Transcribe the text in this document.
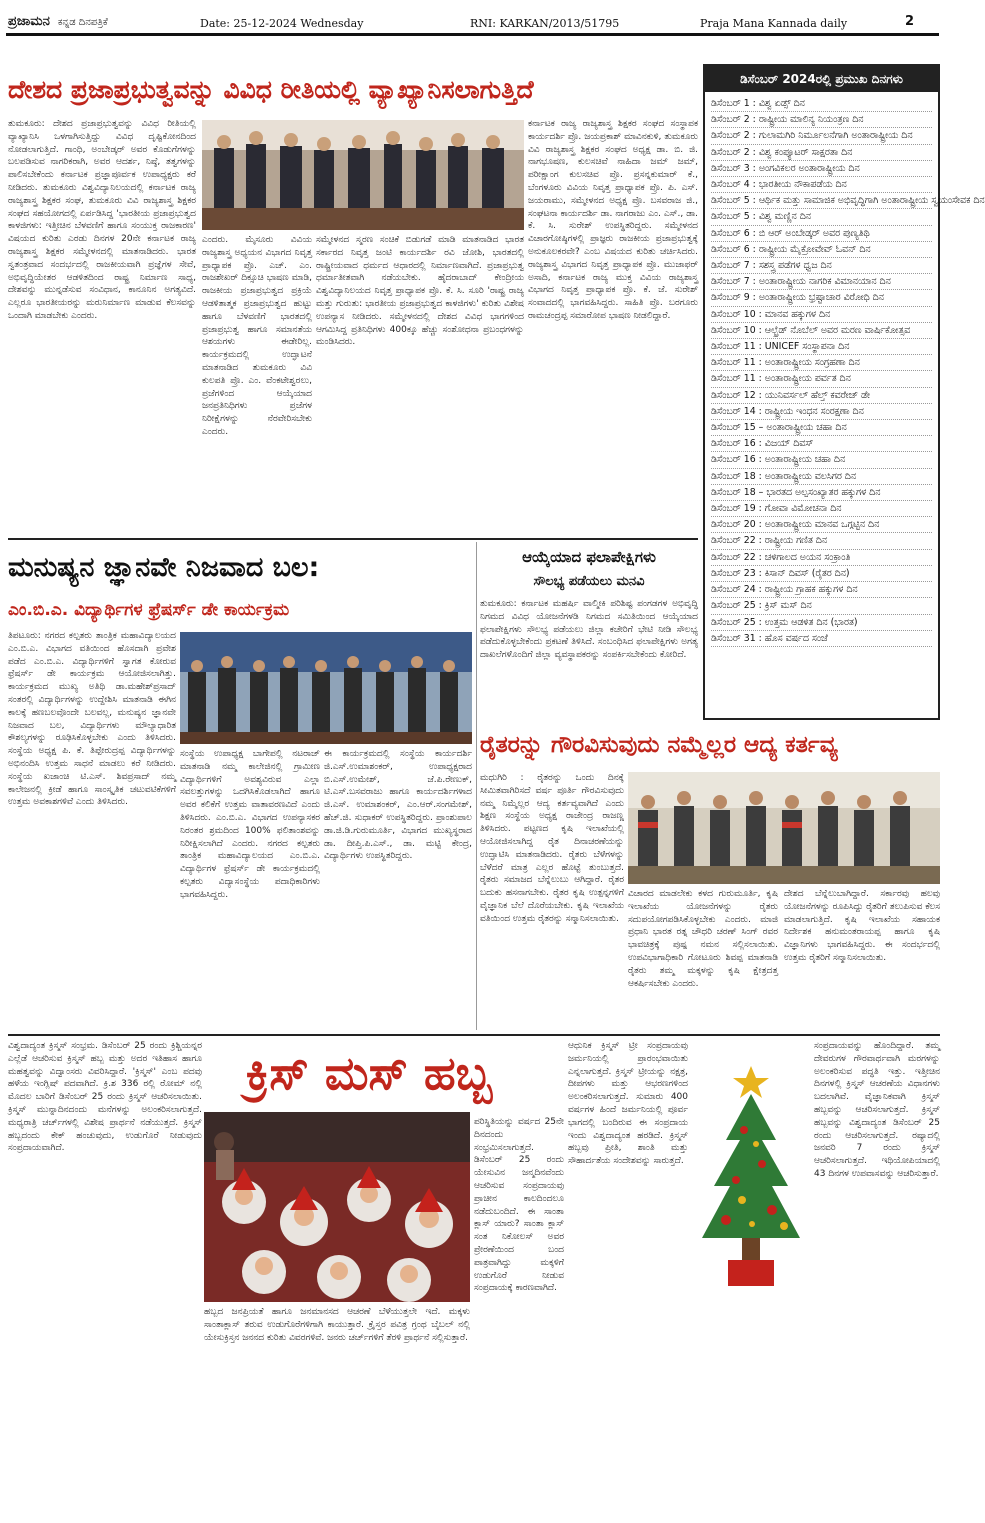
ಪ್ರಜಾಮನ ಕನ್ನಡ ದಿನಪತ್ರಿಕೆ	Date: 25-12-2024 Wednesday	RNI: KARKAN/2013/51795	Praja Mana Kannada daily	2
ದೇಶದ ಪ್ರಜಾಪ್ರಭುತ್ವವನ್ನು ವಿವಿಧ ರೀತಿಯಲ್ಲಿ ವ್ಯಾಖ್ಯಾನಿಸಲಾಗುತ್ತಿದೆ
ತುಮಕೂರು: ದೇಶದ ಪ್ರಜಾಪ್ರಭುತ್ವವನ್ನು ವಿವಿಧ ರೀತಿಯಲ್ಲಿ ವ್ಯಾಖ್ಯಾನಿಸಿ ಒಳಗಾಗಿಸುತ್ತಿದ್ದು ವಿವಿಧ ದೃಷ್ಟಿಕೋನದಿಂದ ನೋಡಲಾಗುತ್ತಿದೆ. ಗಾಂಧಿ, ಅಂಬೇಡ್ಕರ್ ಅವರ ಕೊಡುಗೆಗಳನ್ನು ಬಲಪಡಿಸುವ ನಾಗರಿಕರಾಗಿ, ಅವರ ಆದರ್ಶ, ನಿಷ್ಠೆ, ತತ್ವಗಳನ್ನು ಪಾಲಿಸಬೇಕೆಂದು ಕರ್ನಾಟಕ ಪ್ರಜ್ಞಾಪೂರ್ವಕ ಉಪಾಧ್ಯಕ್ಷರು ಕರೆ ನೀಡಿದರು. ತುಮಕೂರು ವಿಶ್ವವಿದ್ಯಾನಿಲಯದಲ್ಲಿ ಕರ್ನಾಟಕ ರಾಜ್ಯ ರಾಜ್ಯಶಾಸ್ತ್ರ ಶಿಕ್ಷಕರ ಸಂಘ, ತುಮಕೂರು ವಿವಿ ರಾಜ್ಯಶಾಸ್ತ್ರ ಶಿಕ್ಷಕರ ಸಂಘದ ಸಹಯೋಗದಲ್ಲಿ ಏರ್ಪಡಿಸಿದ್ದ 'ಭಾರತೀಯ ಪ್ರಜಾಪ್ರಭುತ್ವದ ಕಾಳಜಿಗಳು: ಇತ್ತೀಚಿನ ಬೆಳವಣಿಗೆ ಹಾಗೂ ಸಂಯುಕ್ತ ರಾಜಕಾರಣ' ವಿಷಯದ ಕುರಿತು ಎರಡು ದಿನಗಳ 20ನೇ ಕರ್ನಾಟಕ ರಾಜ್ಯ ರಾಜ್ಯಶಾಸ್ತ್ರ ಶಿಕ್ಷಕರ ಸಮ್ಮೇಳನದಲ್ಲಿ ಮಾತನಾಡಿದರು. ಭಾರತ ಸ್ವತಂತ್ರವಾದ ಸಂದರ್ಭದಲ್ಲಿ ರಾಜಕೀಯವಾಗಿ ಪ್ರಜ್ಞೆಗಳ ಸೇವೆ, ಅಭಿವೃದ್ಧಿಯೇತರ ಆಡಳಿತದಿಂದ ರಾಷ್ಟ್ರ ನಿರ್ಮಾಣ ಸಾಧ್ಯ, ದೇಶವನ್ನು ಮುನ್ನಡೆಸುವ ಸಂವಿಧಾನ, ಕಾನೂನಿನ ಅಗತ್ಯವಿದೆ. ಎಲ್ಲರೂ ಭಾರತೀಯರನ್ನು ಮರುನಿರ್ಮಾಣ ಮಾಡುವ ಕೆಲಸವನ್ನು ಒಂದಾಗಿ ಮಾಡಬೇಕು ಎಂದರು.
ಎಂದರು. ಮೈಸೂರು ವಿವಿಯ ರಾಜ್ಯಶಾಸ್ತ್ರ ಅಧ್ಯಯನ ವಿಭಾಗದ ನಿವೃತ್ತ ಪ್ರಾಧ್ಯಾಪಕ ಪ್ರೊ. ಎಚ್. ಎಂ. ರಾಜಶೇಖರ್ ದಿಕ್ಸೂಚಿ ಭಾಷಣ ಮಾಡಿ, ರಾಜಕೀಯ ಪ್ರಜಾಪ್ರಭುತ್ವದ ಪ್ರಕ್ರಿಯೆ ಆಡಳಿತಾತ್ಮಕ ಪ್ರಜಾಪ್ರಭುತ್ವದ ಹುಟ್ಟು ಹಾಗೂ ಬೆಳವಣಿಗೆ ಭಾರತದಲ್ಲಿ ಪ್ರಜಾಪ್ರಭುತ್ವ ಹಾಗೂ ಸಮಾನತೆಯ ಆಶಯಗಳು ಈಡೇರಿಲ್ಲ. ಕಾರ್ಯಕ್ರಮದಲ್ಲಿ ಉದ್ಘಾಟನೆ ಮಾತನಾಡಿದ ತುಮಕೂರು ವಿವಿ ಕುಲಪತಿ ಪ್ರೊ. ಎಂ. ವೆಂಕಟೇಶ್ವರಲು, ಪ್ರಜೆಗಳಿಂದ ಆಯ್ಕೆಯಾದ ಜನಪ್ರತಿನಿಧಿಗಳು ಪ್ರಜೆಗಳ ನಿರೀಕ್ಷೆಗಳನ್ನು ನೆರವೇರಿಸಬೇಕು ಎಂದರು.
ಸಮ್ಮೇಳನದ ಸ್ಮರಣ ಸಂಚಿಕೆ ಬಿಡುಗಡೆ ಮಾಡಿ ಮಾತನಾಡಿದ ಭಾರತ ಸರ್ಕಾರದ ನಿವೃತ್ತ ಜಂಟಿ ಕಾರ್ಯದರ್ಶಿ ರವಿ ಜೋಶಿ, ಭಾರತದಲ್ಲಿ ರಾಷ್ಟ್ರೀಯವಾದ ಧರ್ಮದ ಆಧಾರದಲ್ಲಿ ನಿರ್ಮಾಣವಾಗಿದೆ. ಪ್ರಜಾಪ್ರಭುತ್ವ ಧರ್ಮಾತೀತವಾಗಿ ನಡೆಯಬೇಕು. ಹೈದರಾಬಾದ್ ಕೇಂದ್ರೀಯ ವಿಶ್ವವಿದ್ಯಾನಿಲಯದ ನಿವೃತ್ತ ಪ್ರಾಧ್ಯಾಪಕ ಪ್ರೊ. ಕೆ. ಸಿ. ಸೂರಿ 'ರಾಷ್ಟ್ರ ರಾಜ್ಯ ಮತ್ತು ಗುರುತು: ಭಾರತೀಯ ಪ್ರಜಾಪ್ರಭುತ್ವದ ಕಾಳಜಿಗಳು' ಕುರಿತು ವಿಶೇಷ ಉಪನ್ಯಾಸ ನೀಡಿದರು. ಸಮ್ಮೇಳನದಲ್ಲಿ ದೇಶದ ವಿವಿಧ ಭಾಗಗಳಿಂದ ಆಗಮಿಸಿದ್ದ ಪ್ರತಿನಿಧಿಗಳು 400ಕ್ಕೂ ಹೆಚ್ಚು ಸಂಶೋಧನಾ ಪ್ರಬಂಧಗಳನ್ನು ಮಂಡಿಸಿದರು.
ಕರ್ನಾಟಕ ರಾಜ್ಯ ರಾಜ್ಯಶಾಸ್ತ್ರ ಶಿಕ್ಷಕರ ಸಂಘದ ಸಂಸ್ಥಾಪಕ ಕಾರ್ಯದರ್ಶಿ ಪ್ರೊ. ಜಯಪ್ರಕಾಶ್ ಮಾವಿನಕುಳಿ, ತುಮಕೂರು ವಿವಿ ರಾಜ್ಯಶಾಸ್ತ್ರ ಶಿಕ್ಷಕರ ಸಂಘದ ಅಧ್ಯಕ್ಷ ಡಾ. ಬಿ. ಜಿ. ನಾಗಭೂಷಣ, ಕುಲಸಚಿವೆ ನಾಹಿದಾ ಜಮ್ ಜಮ್, ಪರೀಕ್ಷಾಂಗ ಕುಲಸಚಿವ ಪ್ರೊ. ಪ್ರಸನ್ನಕುಮಾರ್ ಕೆ., ಬೆಂಗಳೂರು ವಿವಿಯ ನಿವೃತ್ತ ಪ್ರಾಧ್ಯಾಪಕ ಪ್ರೊ. ಪಿ. ಎಸ್. ಜಯರಾಮು, ಸಮ್ಮೇಳನದ ಅಧ್ಯಕ್ಷ ಪ್ರೊ. ಬಸವರಾಜ ಜಿ., ಸಂಘಟನಾ ಕಾರ್ಯದರ್ಶಿ ಡಾ. ನಾಗರಾಜು ಎಂ. ಎಸ್., ಡಾ. ಕೆ. ಸಿ. ಸುರೇಶ್ ಉಪಸ್ಥಿತರಿದ್ದರು. ಸಮ್ಮೇಳನದ ವಿಚಾರಗೋಷ್ಠಿಗಳಲ್ಲಿ ಪ್ರಾಜ್ಞರು ರಾಜಕೀಯ ಪ್ರಜಾಪ್ರಭುತ್ವಕ್ಕೆ ಅನುಕೂಲಕರವೇ? ಎಂಬ ವಿಷಯದ ಕುರಿತು ಚರ್ಚಿಸಿದರು. ರಾಜ್ಯಶಾಸ್ತ್ರ ವಿಭಾಗದ ನಿವೃತ್ತ ಪ್ರಾಧ್ಯಾಪಕ ಪ್ರೊ. ಮುಜಾಫರ್ ಅಸಾದಿ, ಕರ್ನಾಟಕ ರಾಜ್ಯ ಮುಕ್ತ ವಿವಿಯ ರಾಜ್ಯಶಾಸ್ತ್ರ ವಿಭಾಗದ ನಿವೃತ್ತ ಪ್ರಾಧ್ಯಾಪಕ ಪ್ರೊ. ಕೆ. ಜೆ. ಸುರೇಶ್ ಸಂವಾದದಲ್ಲಿ ಭಾಗವಹಿಸಿದ್ದರು. ಸಾಹಿತಿ ಪ್ರೊ. ಬರಗೂರು ರಾಮಚಂದ್ರಪ್ಪ ಸಮಾರೋಪ ಭಾಷಣ ನೀಡಲಿದ್ದಾರೆ.
ಡಿಸೆಂಬರ್ 2024ರಲ್ಲಿ ಪ್ರಮುಖ ದಿನಗಳು
ಡಿಸೆಂಬರ್ 1 : ವಿಶ್ವ ಏಡ್ಸ್ ದಿನ
ಡಿಸೆಂಬರ್ 2 : ರಾಷ್ಟ್ರೀಯ ಮಾಲಿನ್ಯ ನಿಯಂತ್ರಣ ದಿನ
ಡಿಸೆಂಬರ್ 2 : ಗುಲಾಮಗಿರಿ ನಿರ್ಮೂಲನೆಗಾಗಿ ಅಂತಾರಾಷ್ಟ್ರೀಯ ದಿನ
ಡಿಸೆಂಬರ್ 2 : ವಿಶ್ವ ಕಂಪ್ಯೂಟರ್ ಸಾಕ್ಷರತಾ ದಿನ
ಡಿಸೆಂಬರ್ 3 : ಅಂಗವಿಕಲರ ಅಂತಾರಾಷ್ಟ್ರೀಯ ದಿನ
ಡಿಸೆಂಬರ್ 4 : ಭಾರತೀಯ ನೌಕಾಪಡೆಯ ದಿನ
ಡಿಸೆಂಬರ್ 5 : ಆರ್ಥಿಕ ಮತ್ತು ಸಾಮಾಜಿಕ ಅಭಿವೃದ್ಧಿಗಾಗಿ ಅಂತಾರಾಷ್ಟ್ರೀಯ ಸ್ವಯಂಸೇವಕ ದಿನ
ಡಿಸೆಂಬರ್ 5 : ವಿಶ್ವ ಮಣ್ಣಿನ ದಿನ
ಡಿಸೆಂಬರ್ 6 : ಬಿ ಆರ್ ಅಂಬೇಡ್ಕರ್ ಅವರ ಪುಣ್ಯತಿಥಿ
ಡಿಸೆಂಬರ್ 6 : ರಾಷ್ಟ್ರೀಯ ಮೈಕ್ರೋವೇವ್ ಓವನ್ ದಿನ
ಡಿಸೆಂಬರ್ 7 : ಸಶಸ್ತ್ರ ಪಡೆಗಳ ಧ್ವಜ ದಿನ
ಡಿಸೆಂಬರ್ 7 : ಅಂತಾರಾಷ್ಟ್ರೀಯ ನಾಗರಿಕ ವಿಮಾನಯಾನ ದಿನ
ಡಿಸೆಂಬರ್ 9 : ಅಂತಾರಾಷ್ಟ್ರೀಯ ಭ್ರಷ್ಟಾಚಾರ ವಿರೋಧಿ ದಿನ
ಡಿಸೆಂಬರ್ 10 : ಮಾನವ ಹಕ್ಕುಗಳ ದಿನ
ಡಿಸೆಂಬರ್ 10 : ಆಲ್ಫ್ರೆಡ್ ನೊಬೆಲ್ ಅವರ ಮರಣ ವಾರ್ಷಿಕೋತ್ಸವ
ಡಿಸೆಂಬರ್ 11 : UNICEF ಸಂಸ್ಥಾಪನಾ ದಿನ
ಡಿಸೆಂಬರ್ 11 : ಅಂತಾರಾಷ್ಟ್ರೀಯ ಸಂಗ್ರಹಣಾ ದಿನ
ಡಿಸೆಂಬರ್ 11 : ಅಂತಾರಾಷ್ಟ್ರೀಯ ಪರ್ವತ ದಿನ
ಡಿಸೆಂಬರ್ 12 : ಯುನಿವರ್ಸಲ್ ಹೆಲ್ತ್ ಕವರೇಜ್ ಡೇ
ಡಿಸೆಂಬರ್ 14 : ರಾಷ್ಟ್ರೀಯ ಇಂಧನ ಸಂರಕ್ಷಣಾ ದಿನ
ಡಿಸೆಂಬರ್ 15 – ಅಂತಾರಾಷ್ಟ್ರೀಯ ಚಹಾ ದಿನ
ಡಿಸೆಂಬರ್ 16 : ವಿಜಯ್ ದಿವಸ್
ಡಿಸೆಂಬರ್ 16 : ಅಂತಾರಾಷ್ಟ್ರೀಯ ಚಹಾ ದಿನ
ಡಿಸೆಂಬರ್ 18 : ಅಂತಾರಾಷ್ಟ್ರೀಯ ವಲಸಿಗರ ದಿನ
ಡಿಸೆಂಬರ್ 18 – ಭಾರತದ ಅಲ್ಪಸಂಖ್ಯಾತರ ಹಕ್ಕುಗಳ ದಿನ
ಡಿಸೆಂಬರ್ 19 : ಗೋವಾ ವಿಮೋಚನಾ ದಿನ
ಡಿಸೆಂಬರ್ 20 : ಅಂತಾರಾಷ್ಟ್ರೀಯ ಮಾನವ ಒಗ್ಗಟ್ಟಿನ ದಿನ
ಡಿಸೆಂಬರ್ 22 : ರಾಷ್ಟ್ರೀಯ ಗಣಿತ ದಿನ
ಡಿಸೆಂಬರ್ 22 : ಚಳಿಗಾಲದ ಅಯನ ಸಂಕ್ರಾಂತಿ
ಡಿಸೆಂಬರ್ 23 : ಕಿಸಾನ್ ದಿವಸ್ (ರೈತರ ದಿನ)
ಡಿಸೆಂಬರ್ 24 : ರಾಷ್ಟ್ರೀಯ ಗ್ರಾಹಕ ಹಕ್ಕುಗಳ ದಿನ
ಡಿಸೆಂಬರ್ 25 : ಕ್ರಿಸ್ ಮಸ್ ದಿನ
ಡಿಸೆಂಬರ್ 25 : ಉತ್ತಮ ಆಡಳಿತ ದಿನ (ಭಾರತ)
ಡಿಸೆಂಬರ್ 31 : ಹೊಸ ವರ್ಷದ ಸಂಜೆ
ಮನುಷ್ಯನ ಜ್ಞಾನವೇ ನಿಜವಾದ ಬಲ:
ಎಂ.ಬಿ.ಎ. ವಿದ್ಯಾರ್ಥಿಗಳ ಫ್ರೆಷರ್ಸ್ ಡೇ ಕಾರ್ಯಕ್ರಮ
ತಿಪಟೂರು: ನಗರದ ಕಲ್ಪತರು ತಾಂತ್ರಿಕ ಮಹಾವಿದ್ಯಾಲಯದ ಎಂ.ಬಿ.ಎ. ವಿಭಾಗದ ವತಿಯಿಂದ ಹೊಸದಾಗಿ ಪ್ರವೇಶ ಪಡೆದ ಎಂ.ಬಿ.ಎ. ವಿದ್ಯಾರ್ಥಿಗಳಿಗೆ ಸ್ವಾಗತ ಕೋರುವ ಫ್ರೆಷರ್ಸ್ ಡೇ ಕಾರ್ಯಕ್ರಮ ಆಯೋಜಿಸಲಾಗಿತ್ತು. ಕಾರ್ಯಕ್ರಮದ ಮುಖ್ಯ ಅತಿಥಿ ಡಾ.ಮಹೇಶ್‌ಪ್ರಸಾದ್ ಸಂತರಲ್ಲಿ ವಿದ್ಯಾರ್ಥಿಗಳನ್ನು ಉದ್ದೇಶಿಸಿ ಮಾತನಾಡಿ ಈಗಿನ ಕಾಲಕ್ಕೆ ಹಣಬಲವೊಂದೇ ಬಲವಲ್ಲ, ಮನುಷ್ಯನ ಜ್ಞಾನವೇ ನಿಜವಾದ ಬಲ, ವಿದ್ಯಾರ್ಥಿಗಳು ಮೌಲ್ಯಾಧಾರಿತ ಕೌಶಲ್ಯಗಳನ್ನು ರೂಢಿಸಿಕೊಳ್ಳಬೇಕು ಎಂದು ತಿಳಿಸಿದರು. ಸಂಸ್ಥೆಯ ಅಧ್ಯಕ್ಷ ಪಿ. ಕೆ. ತಿಪ್ಪೇರುದ್ರಪ್ಪ ವಿದ್ಯಾರ್ಥಿಗಳನ್ನು ಅಭಿನಂದಿಸಿ ಉತ್ತಮ ಸಾಧನೆ ಮಾಡಲು ಕರೆ ನೀಡಿದರು. ಸಂಸ್ಥೆಯ ಖಜಾಂಚಿ ಟಿ.ಎಸ್. ಶಿವಪ್ರಸಾದ್ ನಮ್ಮ ಕಾಲೇಜನಲ್ಲಿ ಕ್ರೀಡೆ ಹಾಗೂ ಸಾಂಸ್ಕೃತಿಕ ಚಟುವಟಿಕೆಗಳಿಗೆ ಉತ್ತಮ ಅವಕಾಶಗಳಿವೆ ಎಂದು ತಿಳಿಸಿದರು.
ಸಂಸ್ಥೆಯ ಉಪಾಧ್ಯಕ್ಷ ಬಾಗೇಪಲ್ಲಿ ನಟರಾಜ್ ಮಾತನಾಡಿ ನಮ್ಮ ಕಾಲೇಜಿನಲ್ಲಿ ಗ್ರಾಮೀಣ ವಿದ್ಯಾರ್ಥಿಗಳಿಗೆ ಅವಶ್ಯವಿರುವ ಎಲ್ಲಾ ಸವಲತ್ತುಗಳನ್ನು ಒದಗಿಸಿಕೊಡಲಾಗಿದೆ ಹಾಗೂ ಅವರ ಕಲಿಕೆಗೆ ಉತ್ತಮ ವಾತಾವರಣವಿದೆ ಎಂದು ತಿಳಿಸಿದರು. ಎಂ.ಬಿ.ಎ. ವಿಭಾಗದ ಉಪನ್ಯಾಸಕರ ನಿರಂತರ ಶ್ರಮದಿಂದ 100% ಫಲಿತಾಂಶವನ್ನು ನಿರೀಕ್ಷಿಸಲಾಗಿದೆ ಎಂದರು. ನಗರದ ಕಲ್ಪತರು ತಾಂತ್ರಿಕ ಮಹಾವಿದ್ಯಾಲಯದ ಎಂ.ಬಿ.ಎ. ವಿದ್ಯಾರ್ಥಿಗಳ ಫ್ರೆಷರ್ಸ್ ಡೇ ಕಾರ್ಯಕ್ರಮದಲ್ಲಿ ಕಲ್ಪತರು ವಿದ್ಯಾಸಂಸ್ಥೆಯ ಪದಾಧಿಕಾರಿಗಳು ಭಾಗವಹಿಸಿದ್ದರು.
ಈ ಕಾರ್ಯಕ್ರಮದಲ್ಲಿ ಸಂಸ್ಥೆಯ ಕಾರ್ಯದರ್ಶಿ ಜಿ.ಎಸ್.ಉಮಾಶಂಕರ್, ಉಪಾಧ್ಯಕ್ಷರಾದ ಬಿ.ಎಸ್.ಉಮೇಶ್, ಜೆ.ಪಿ.ರೇಣುಕ್, ಟಿ.ಎಸ್.ಬಸವರಾಜು ಹಾಗೂ ಕಾರ್ಯದರ್ಶಿಗಳಾದ ಜಿ.ಎಸ್. ಉಮಾಶಂಕರ್, ಎಂ.ಆರ್.ಸಂಗಮೇಶ್, ಹೆಚ್.ಜಿ. ಸುಧಾಕರ್ ಉಪಸ್ಥಿತರಿದ್ದರು. ಪ್ರಾಂಶುಪಾಲ ಡಾ.ಜಿ.ಡಿ.ಗುರುಮೂರ್ತಿ, ವಿಭಾಗದ ಮುಖ್ಯಸ್ಥರಾದ ಡಾ. ದೀಪ್ತಿ.ಪಿ.ಎಸ್., ಡಾ. ಮಟ್ಟಿ ಕೇಂದ್ರ, ವಿದ್ಯಾರ್ಥಿಗಳು ಉಪಸ್ಥಿತರಿದ್ದರು.
ಆಯ್ಕೆಯಾದ ಫಲಾಪೇಕ್ಷಿಗಳು
ಸೌಲಭ್ಯ ಪಡೆಯಲು ಮನವಿ
ತುಮಕೂರು: ಕರ್ನಾಟಕ ಮಹರ್ಷಿ ವಾಲ್ಮೀಕಿ ಪರಿಶಿಷ್ಟ ಪಂಗಡಗಳ ಅಭಿವೃದ್ಧಿ ನಿಗಮದ ವಿವಿಧ ಯೋಜನೆಗಳಡಿ ನಿಗಮದ ಸಮಿತಿಯಿಂದ ಆಯ್ಕೆಯಾದ ಫಲಾಪೇಕ್ಷಿಗಳು ಸೌಲಭ್ಯ ಪಡೆಯಲು ಜಿಲ್ಲಾ ಕಚೇರಿಗೆ ಭೇಟಿ ನೀಡಿ ಸೌಲಭ್ಯ ಪಡೆದುಕೊಳ್ಳಬೇಕೆಂದು ಪ್ರಕಟಣೆ ತಿಳಿಸಿದೆ. ಸಂಬಂಧಿಸಿದ ಫಲಾಪೇಕ್ಷಿಗಳು ಅಗತ್ಯ ದಾಖಲೆಗಳೊಂದಿಗೆ ಜಿಲ್ಲಾ ವ್ಯವಸ್ಥಾಪಕರನ್ನು ಸಂಪರ್ಕಿಸಬೇಕೆಂದು ಕೋರಿದೆ.
ರೈತರನ್ನು ಗೌರವಿಸುವುದು ನಮ್ಮೆಲ್ಲರ ಆದ್ಯ ಕರ್ತವ್ಯ
ಮಧುಗಿರಿ : ರೈತರನ್ನು ಒಂದು ದಿನಕ್ಕೆ ಸೀಮಿತವಾಗಿರಿಸದೆ ವರ್ಷ ಪೂರ್ತಿ ಗೌರವಿಸುವುದು ನಮ್ಮ ನಿಮ್ಮೆಲ್ಲರ ಆದ್ಯ ಕರ್ತವ್ಯವಾಗಿದೆ ಎಂದು ಶಿಕ್ಷಣ ಸಂಸ್ಥೆಯ ಅಧ್ಯಕ್ಷ ರಾಜೇಂದ್ರ ರಾಜಣ್ಣ ತಿಳಿಸಿದರು. ಪಟ್ಟಣದ ಕೃಷಿ ಇಲಾಖೆಯಲ್ಲಿ ಆಯೋಜಿಸಲಾಗಿದ್ದ ರೈತ ದಿನಾಚರಣೆಯನ್ನು ಉದ್ಘಾಟಿಸಿ ಮಾತನಾಡಿದರು. ರೈತರು ಬೆಳೆಗಳನ್ನು ಬೆಳೆದರೆ ಮಾತ್ರ ಎಲ್ಲರ ಹೊಟ್ಟೆ ತುಂಬುತ್ತದೆ. ರೈತರು ಸಮಾಜದ ಬೆನ್ನೆಲುಬು ಆಗಿದ್ದಾರೆ. ರೈತರ ಬದುಕು ಹಸನಾಗಬೇಕು. ರೈತರ ಕೃಷಿ ಉತ್ಪನ್ನಗಳಿಗೆ ವೈಜ್ಞಾನಿಕ ಬೆಲೆ ದೊರೆಯಬೇಕು. ಕೃಷಿ ಇಲಾಖೆಯ ವತಿಯಿಂದ ಉತ್ತಮ ರೈತರನ್ನು ಸನ್ಮಾನಿಸಲಾಯಿತು.
ವಿಚಾರದ ಮಾಡಲೇಕು ಕಳದ ಗುರುಮೂರ್ತಿ, ಕೃಷಿ ಇಲಾಖೆಯ ಯೋಜನೆಗಳನ್ನು ರೈತರು ಸದುಪಯೋಗಪಡಿಸಿಕೊಳ್ಳಬೇಕು ಎಂದರು. ಮಾಜಿ ಪ್ರಧಾನಿ ಭಾರತ ರತ್ನ ಚೌಧರಿ ಚರಣ್ ಸಿಂಗ್ ರವರ ಭಾವಚಿತ್ರಕ್ಕೆ ಪುಷ್ಪ ನಮನ ಸಲ್ಲಿಸಲಾಯಿತು. ಉಪವಿಭಾಗಾಧಿಕಾರಿ ಗೋಟೂರು ಶಿವಪ್ಪ ಮಾತನಾಡಿ ರೈತರು ತಮ್ಮ ಮಕ್ಕಳನ್ನು ಕೃಷಿ ಕ್ಷೇತ್ರದತ್ತ ಆಕರ್ಷಿಸಬೇಕು ಎಂದರು.
ದೇಶದ ಬೆನ್ನೆಲುಬಾಗಿದ್ದಾರೆ. ಸರ್ಕಾರವು ಹಲವು ಯೋಜನೆಗಳನ್ನು ರೂಪಿಸಿದ್ದು ರೈತರಿಗೆ ತಲುಪಿಸುವ ಕೆಲಸ ಮಾಡಲಾಗುತ್ತಿದೆ. ಕೃಷಿ ಇಲಾಖೆಯ ಸಹಾಯಕ ನಿರ್ದೇಶಕ ಹನುಮಂತರಾಯಪ್ಪ ಹಾಗೂ ಕೃಷಿ ವಿಜ್ಞಾನಿಗಳು ಭಾಗವಹಿಸಿದ್ದರು. ಈ ಸಂದರ್ಭದಲ್ಲಿ ಉತ್ತಮ ರೈತರಿಗೆ ಸನ್ಮಾನಿಸಲಾಯಿತು.
ವಿಶ್ವದಾದ್ಯಂತ ಕ್ರಿಸ್ಮಸ್ ಸಂಭ್ರಮ. ಡಿಸೆಂಬರ್ 25 ರಂದು ಕ್ರಿಶ್ಚಿಯನ್ನರ ಎಲ್ಲೆಡೆ ಆಚರಿಸುವ ಕ್ರಿಸ್ಮಸ್ ಹಬ್ಬ ಮತ್ತು ಅದರ ಇತಿಹಾಸ ಹಾಗೂ ಮಹತ್ವವನ್ನು ವಿದ್ವಾಂಸರು ವಿವರಿಸಿದ್ದಾರೆ. 'ಕ್ರಿಸ್ಮಸ್' ಎಂಬ ಪದವು ಹಳೆಯ ಇಂಗ್ಲಿಷ್ ಪದವಾಗಿದೆ. ಕ್ರಿ.ಶ 336 ರಲ್ಲಿ ರೋಮ್ ನಲ್ಲಿ ಮೊದಲ ಬಾರಿಗೆ ಡಿಸೆಂಬರ್ 25 ರಂದು ಕ್ರಿಸ್ಮಸ್ ಆಚರಿಸಲಾಯಿತು. ಕ್ರಿಸ್ಮಸ್ ಮುನ್ನಾದಿನದಂದು ಮನೆಗಳನ್ನು ಅಲಂಕರಿಸಲಾಗುತ್ತದೆ. ಮಧ್ಯರಾತ್ರಿ ಚರ್ಚ್‌ಗಳಲ್ಲಿ ವಿಶೇಷ ಪ್ರಾರ್ಥನೆ ನಡೆಯುತ್ತದೆ. ಕ್ರಿಸ್ಮಸ್ ಹಬ್ಬದಂದು ಕೇಕ್ ಹಂಚುವುದು, ಉಡುಗೊರೆ ನೀಡುವುದು ಸಂಪ್ರದಾಯವಾಗಿದೆ.
ಕ್ರಿಸ್ ಮಸ್ ಹಬ್ಬ
ಹಬ್ಬದ ಜನಪ್ರಿಯತೆ ಹಾಗೂ ಜನಮಾನಸದ ಆಚರಣೆ ಬೆಳೆಯುತ್ತಲೇ ಇದೆ. ಮಕ್ಕಳು ಸಾಂತಾಕ್ಲಾಸ್ ತರುವ ಉಡುಗೊರೆಗಳಿಗಾಗಿ ಕಾಯುತ್ತಾರೆ. ಕ್ರೈಸ್ತರ ಪವಿತ್ರ ಗ್ರಂಥ ಬೈಬಲ್ ನಲ್ಲಿ ಯೇಸುಕ್ರಿಸ್ತನ ಜನನದ ಕುರಿತು ವಿವರಗಳಿವೆ. ಜನರು ಚರ್ಚ್‌ಗಳಿಗೆ ತೆರಳಿ ಪ್ರಾರ್ಥನೆ ಸಲ್ಲಿಸುತ್ತಾರೆ.
ಪರಿಸ್ಥಿತಿಯನ್ನು ವರ್ಷದ 25ನೇ ದಿನದಂದು ಸಂಭ್ರಮಿಸಲಾಗುತ್ತದೆ. ಡಿಸೆಂಬರ್ 25 ರಂದು ಯೇಸುವಿನ ಜನ್ಮದಿನವೆಂದು ಆಚರಿಸುವ ಸಂಪ್ರದಾಯವು ಪ್ರಾಚೀನ ಕಾಲದಿಂದಲೂ ನಡೆದುಬಂದಿದೆ. ಈ ಸಾಂತಾ ಕ್ಲಾಸ್ ಯಾರು? ಸಾಂತಾ ಕ್ಲಾಸ್ ಸಂತ ನಿಕೋಲಸ್ ಅವರ ಪ್ರೇರಣೆಯಿಂದ ಬಂದ ಪಾತ್ರವಾಗಿದ್ದು ಮಕ್ಕಳಿಗೆ ಉಡುಗೊರೆ ನೀಡುವ ಸಂಪ್ರದಾಯಕ್ಕೆ ಕಾರಣವಾಗಿದೆ.
ಆಧುನಿಕ ಕ್ರಿಸ್ಮಸ್ ಟ್ರೀ ಸಂಪ್ರದಾಯವು ಜರ್ಮನಿಯಲ್ಲಿ ಪ್ರಾರಂಭವಾಯಿತು ಎನ್ನಲಾಗುತ್ತದೆ. ಕ್ರಿಸ್ಮಸ್ ಟ್ರೀಯನ್ನು ನಕ್ಷತ್ರ, ದೀಪಗಳು ಮತ್ತು ಆಭರಣಗಳಿಂದ ಅಲಂಕರಿಸಲಾಗುತ್ತದೆ. ಸುಮಾರು 400 ವರ್ಷಗಳ ಹಿಂದೆ ಜರ್ಮನಿಯಲ್ಲಿ ಪೂರ್ವ ಭಾಗದಲ್ಲಿ ಬಂದಿರುವ ಈ ಸಂಪ್ರದಾಯ ಇಂದು ವಿಶ್ವದಾದ್ಯಂತ ಹರಡಿದೆ. ಕ್ರಿಸ್ಮಸ್ ಹಬ್ಬವು ಪ್ರೀತಿ, ಶಾಂತಿ ಮತ್ತು ಸೌಹಾರ್ದತೆಯ ಸಂದೇಶವನ್ನು ಸಾರುತ್ತದೆ.
ಸಂಪ್ರದಾಯವನ್ನು ಹೊಂದಿದ್ದಾರೆ. ತಮ್ಮ ದೇವರುಗಳ ಗೌರವಾರ್ಥವಾಗಿ ಮರಗಳನ್ನು ಅಲಂಕರಿಸುವ ಪದ್ಧತಿ ಇತ್ತು. ಇತ್ತೀಚಿನ ದಿನಗಳಲ್ಲಿ ಕ್ರಿಸ್ಮಸ್ ಆಚರಣೆಯ ವಿಧಾನಗಳು ಬದಲಾಗಿವೆ. ವೈಜ್ಞಾನಿಕವಾಗಿ ಕ್ರಿಸ್ಮಸ್ ಹಬ್ಬವನ್ನು ಆಚರಿಸಲಾಗುತ್ತದೆ. ಕ್ರಿಸ್ಮಸ್ ಹಬ್ಬವನ್ನು ವಿಶ್ವದಾದ್ಯಂತ ಡಿಸೆಂಬರ್ 25 ರಂದು ಆಚರಿಸಲಾಗುತ್ತದೆ. ರಷ್ಯಾದಲ್ಲಿ ಜನವರಿ 7 ರಂದು ಕ್ರಿಸ್ಮಸ್ ಆಚರಿಸಲಾಗುತ್ತದೆ. ಇಥಿಯೋಪಿಯಾದಲ್ಲಿ 43 ದಿನಗಳ ಉಪವಾಸವನ್ನು ಆಚರಿಸುತ್ತಾರೆ.
